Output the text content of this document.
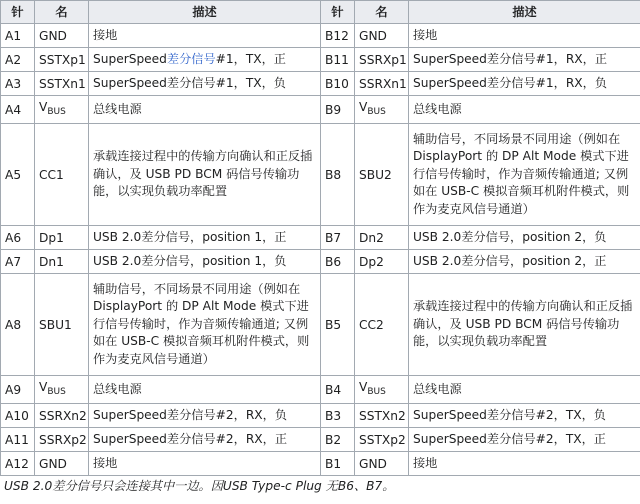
针	名	描述	针	名	描述
A1	GND	接地	B12	GND	接地
A2	SSTXp1	SuperSpeed差分信号#1，TX，正	B11	SSRXp1	SuperSpeed差分信号#1，RX，正
A3	SSTXn1	SuperSpeed差分信号#1，TX，负	B10	SSRXn1	SuperSpeed差分信号#1，RX，负
A4	$V_{BUS}$	总线电源	B9	$V_{BUS}$	总线电源
A5	CC1	承载连接过程中的传输方向确认和正反插确认，及 USB PD BCM 码信号传输功能，以实现负载功率配置	B8	SBU2	辅助信号，不同场景不同用途（例如在DisplayPort 的 DP Alt Mode 模式下进行信号传输时，作为音频传输通道; 又例如在 USB-C 模拟音频耳机附件模式，则作为麦克风信号通道）
A6	Dp1	USB 2.0差分信号，position 1，正	B7	Dn2	USB 2.0差分信号，position 2，负
A7	Dn1	USB 2.0差分信号，position 1，负	B6	Dp2	USB 2.0差分信号，position 2，正
A8	SBU1	辅助信号，不同场景不同用途（例如在DisplayPort 的 DP Alt Mode 模式下进行信号传输时，作为音频传输通道; 又例如在 USB-C 模拟音频耳机附件模式，则作为麦克风信号通道）	B5	CC2	承载连接过程中的传输方向确认和正反插确认，及 USB PD BCM 码信号传输功能，以实现负载功率配置
A9	$V_{BUS}$	总线电源	B4	$V_{BUS}$	总线电源
A10	SSRXn2	SuperSpeed差分信号#2，RX，负	B3	SSTXn2	SuperSpeed差分信号#2，TX，负
A11	SSRXp2	SuperSpeed差分信号#2，RX，正	B2	SSTXp2	SuperSpeed差分信号#2，TX，正
A12	GND	接地	B1	GND	接地
USB 2.0差分信号只会连接其中一边。因USB Type-c Plug 无B6、B7。
